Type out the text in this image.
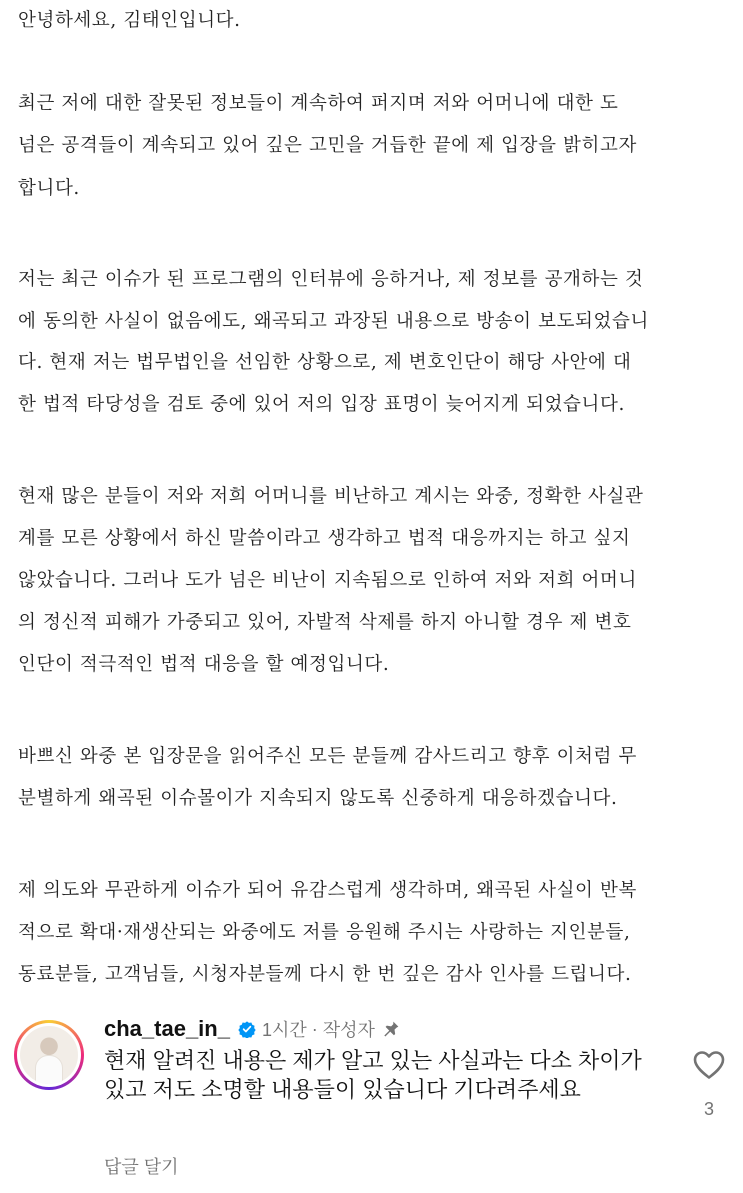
안녕하세요, 김태인입니다.
최근 저에 대한 잘못된 정보들이 계속하여 퍼지며 저와 어머니에 대한 도
넘은 공격들이 계속되고 있어 깊은 고민을 거듭한 끝에 제 입장을 밝히고자
합니다.
저는 최근 이슈가 된 프로그램의 인터뷰에 응하거나, 제 정보를 공개하는 것
에 동의한 사실이 없음에도, 왜곡되고 과장된 내용으로 방송이 보도되었습니
다. 현재 저는 법무법인을 선임한 상황으로, 제 변호인단이 해당 사안에 대
한 법적 타당성을 검토 중에 있어 저의 입장 표명이 늦어지게 되었습니다.
현재 많은 분들이 저와 저희 어머니를 비난하고 계시는 와중, 정확한 사실관
계를 모른 상황에서 하신 말씀이라고 생각하고 법적 대응까지는 하고 싶지
않았습니다. 그러나 도가 넘은 비난이 지속됨으로 인하여 저와 저희 어머니
의 정신적 피해가 가중되고 있어, 자발적 삭제를 하지 아니할 경우 제 변호
인단이 적극적인 법적 대응을 할 예정입니다.
바쁘신 와중 본 입장문을 읽어주신 모든 분들께 감사드리고 향후 이처럼 무
분별하게 왜곡된 이슈몰이가 지속되지 않도록 신중하게 대응하겠습니다.
제 의도와 무관하게 이슈가 되어 유감스럽게 생각하며, 왜곡된 사실이 반복
적으로 확대·재생산되는 와중에도 저를 응원해 주시는 사랑하는 지인분들,
동료분들, 고객님들, 시청자분들께 다시 한 번 깊은 감사 인사를 드립니다.
cha_tae_in_ 1시간 · 작성자
현재 알려진 내용은 제가 알고 있는 사실과는 다소 차이가 있고 저도 소명할 내용들이 있습니다 기다려주세요
답글 달기
3
